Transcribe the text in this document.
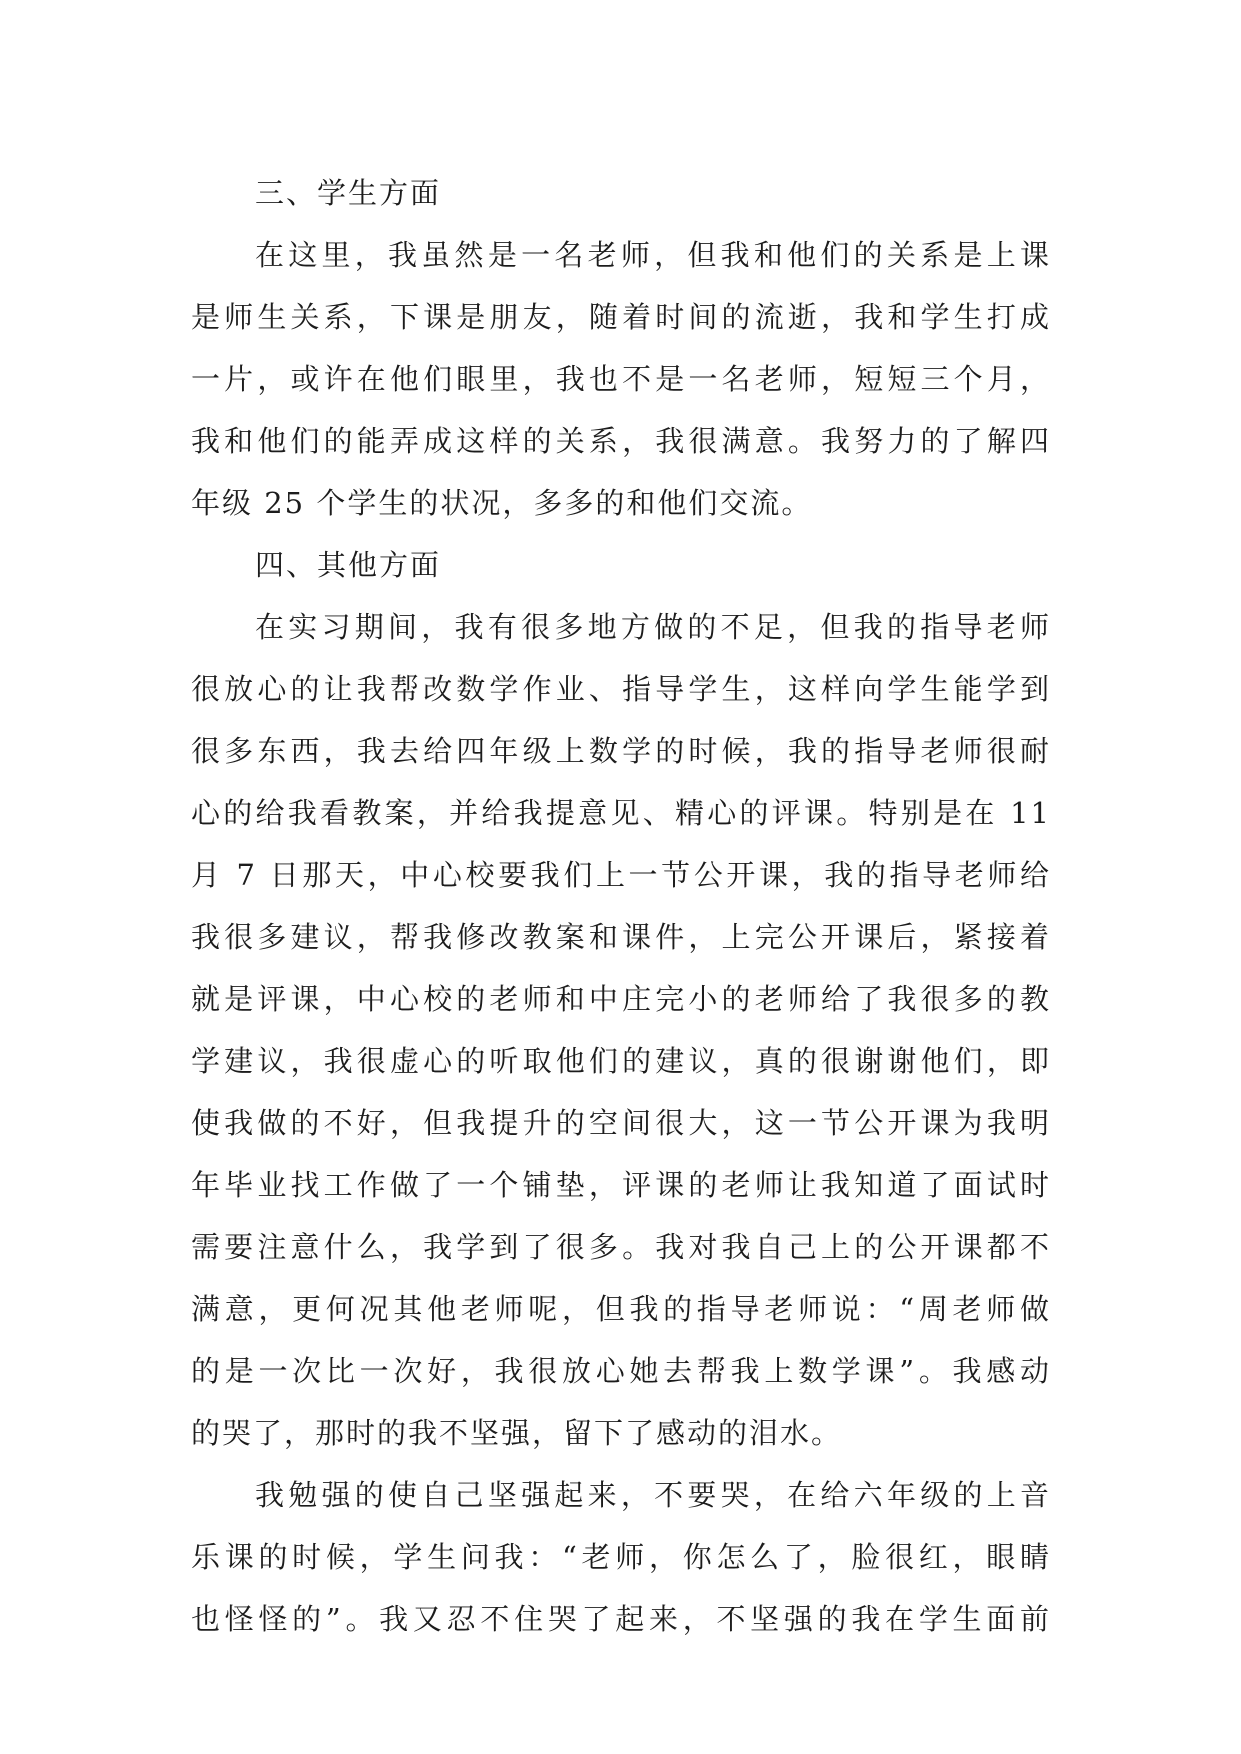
三、学生方面
在这里，我虽然是一名老师，但我和他们的关系是上课
是师生关系，下课是朋友，随着时间的流逝，我和学生打成
一片，或许在他们眼里，我也不是一名老师，短短三个月，
我和他们的能弄成这样的关系，我很满意。我努力的了解四
年级 25 个学生的状况，多多的和他们交流。
四、其他方面
在实习期间，我有很多地方做的不足，但我的指导老师
很放心的让我帮改数学作业、指导学生，这样向学生能学到
很多东西，我去给四年级上数学的时候，我的指导老师很耐
心的给我看教案，并给我提意见、精心的评课。特别是在 11
月 7 日那天，中心校要我们上一节公开课，我的指导老师给
我很多建议，帮我修改教案和课件，上完公开课后，紧接着
就是评课，中心校的老师和中庄完小的老师给了我很多的教
学建议，我很虚心的听取他们的建议，真的很谢谢他们，即
使我做的不好，但我提升的空间很大，这一节公开课为我明
年毕业找工作做了一个铺垫，评课的老师让我知道了面试时
需要注意什么，我学到了很多。我对我自己上的公开课都不
满意，更何况其他老师呢，但我的指导老师说：“周老师做
的是一次比一次好，我很放心她去帮我上数学课”。我感动
的哭了，那时的我不坚强，留下了感动的泪水。
我勉强的使自己坚强起来，不要哭，在给六年级的上音
乐课的时候，学生问我：“老师，你怎么了，脸很红，眼睛
也怪怪的”。我又忍不住哭了起来，不坚强的我在学生面前
